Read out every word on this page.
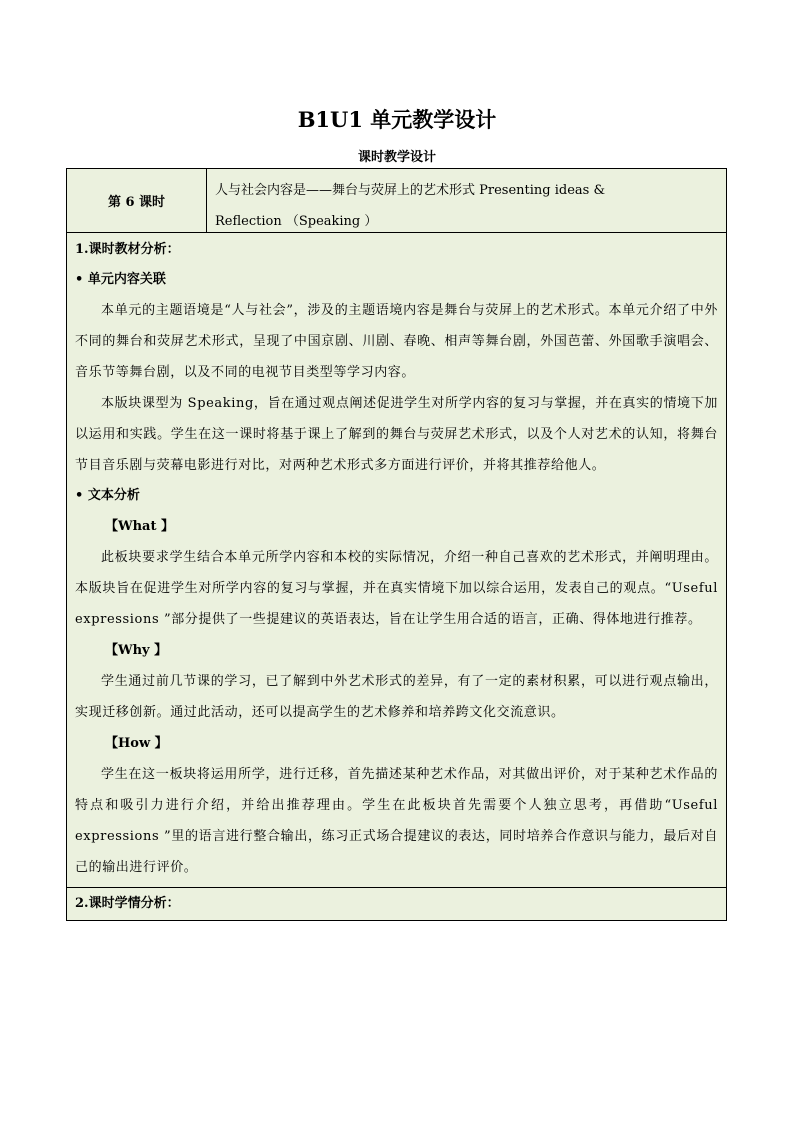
B1U1 单元教学设计
课时教学设计
第 6 课时
人与社会内容是——舞台与荧屏上的艺术形式 Presenting ideas &
Reflection （Speaking ）
1.课时教材分析：
• 单元内容关联

本单元的主题语境是“人与社会”，涉及的主题语境内容是舞台与荧屏上的艺术形式。本单元介绍了中外不同的舞台和荧屏艺术形式，呈现了中国京剧、川剧、春晚、相声等舞台剧，外国芭蕾、外国歌手演唱会、音乐节等舞台剧，以及不同的电视节目类型等学习内容。

本版块课型为 Speaking，旨在通过观点阐述促进学生对所学内容的复习与掌握，并在真实的情境下加以运用和实践。学生在这一课时将基于课上了解到的舞台与荧屏艺术形式，以及个人对艺术的认知，将舞台节目音乐剧与荧幕电影进行对比，对两种艺术形式多方面进行评价，并将其推荐给他人。

• 文本分析
【What 】

此板块要求学生结合本单元所学内容和本校的实际情况，介绍一种自己喜欢的艺术形式，并阐明理由。本版块旨在促进学生对所学内容的复习与掌握，并在真实情境下加以综合运用，发表自己的观点。“Useful expressions ”部分提供了一些提建议的英语表达，旨在让学生用合适的语言，正确、得体地进行推荐。

【Why 】

学生通过前几节课的学习，已了解到中外艺术形式的差异，有了一定的素材积累，可以进行观点输出，实现迁移创新。通过此活动，还可以提高学生的艺术修养和培养跨文化交流意识。

【How 】

学生在这一板块将运用所学，进行迁移，首先描述某种艺术作品，对其做出评价，对于某种艺术作品的特点和吸引力进行介绍，并给出推荐理由。学生在此板块首先需要个人独立思考，再借助“Useful expressions ”里的语言进行整合输出，练习正式场合提建议的表达，同时培养合作意识与能力，最后对自己的输出进行评价。

2.课时学情分析：
